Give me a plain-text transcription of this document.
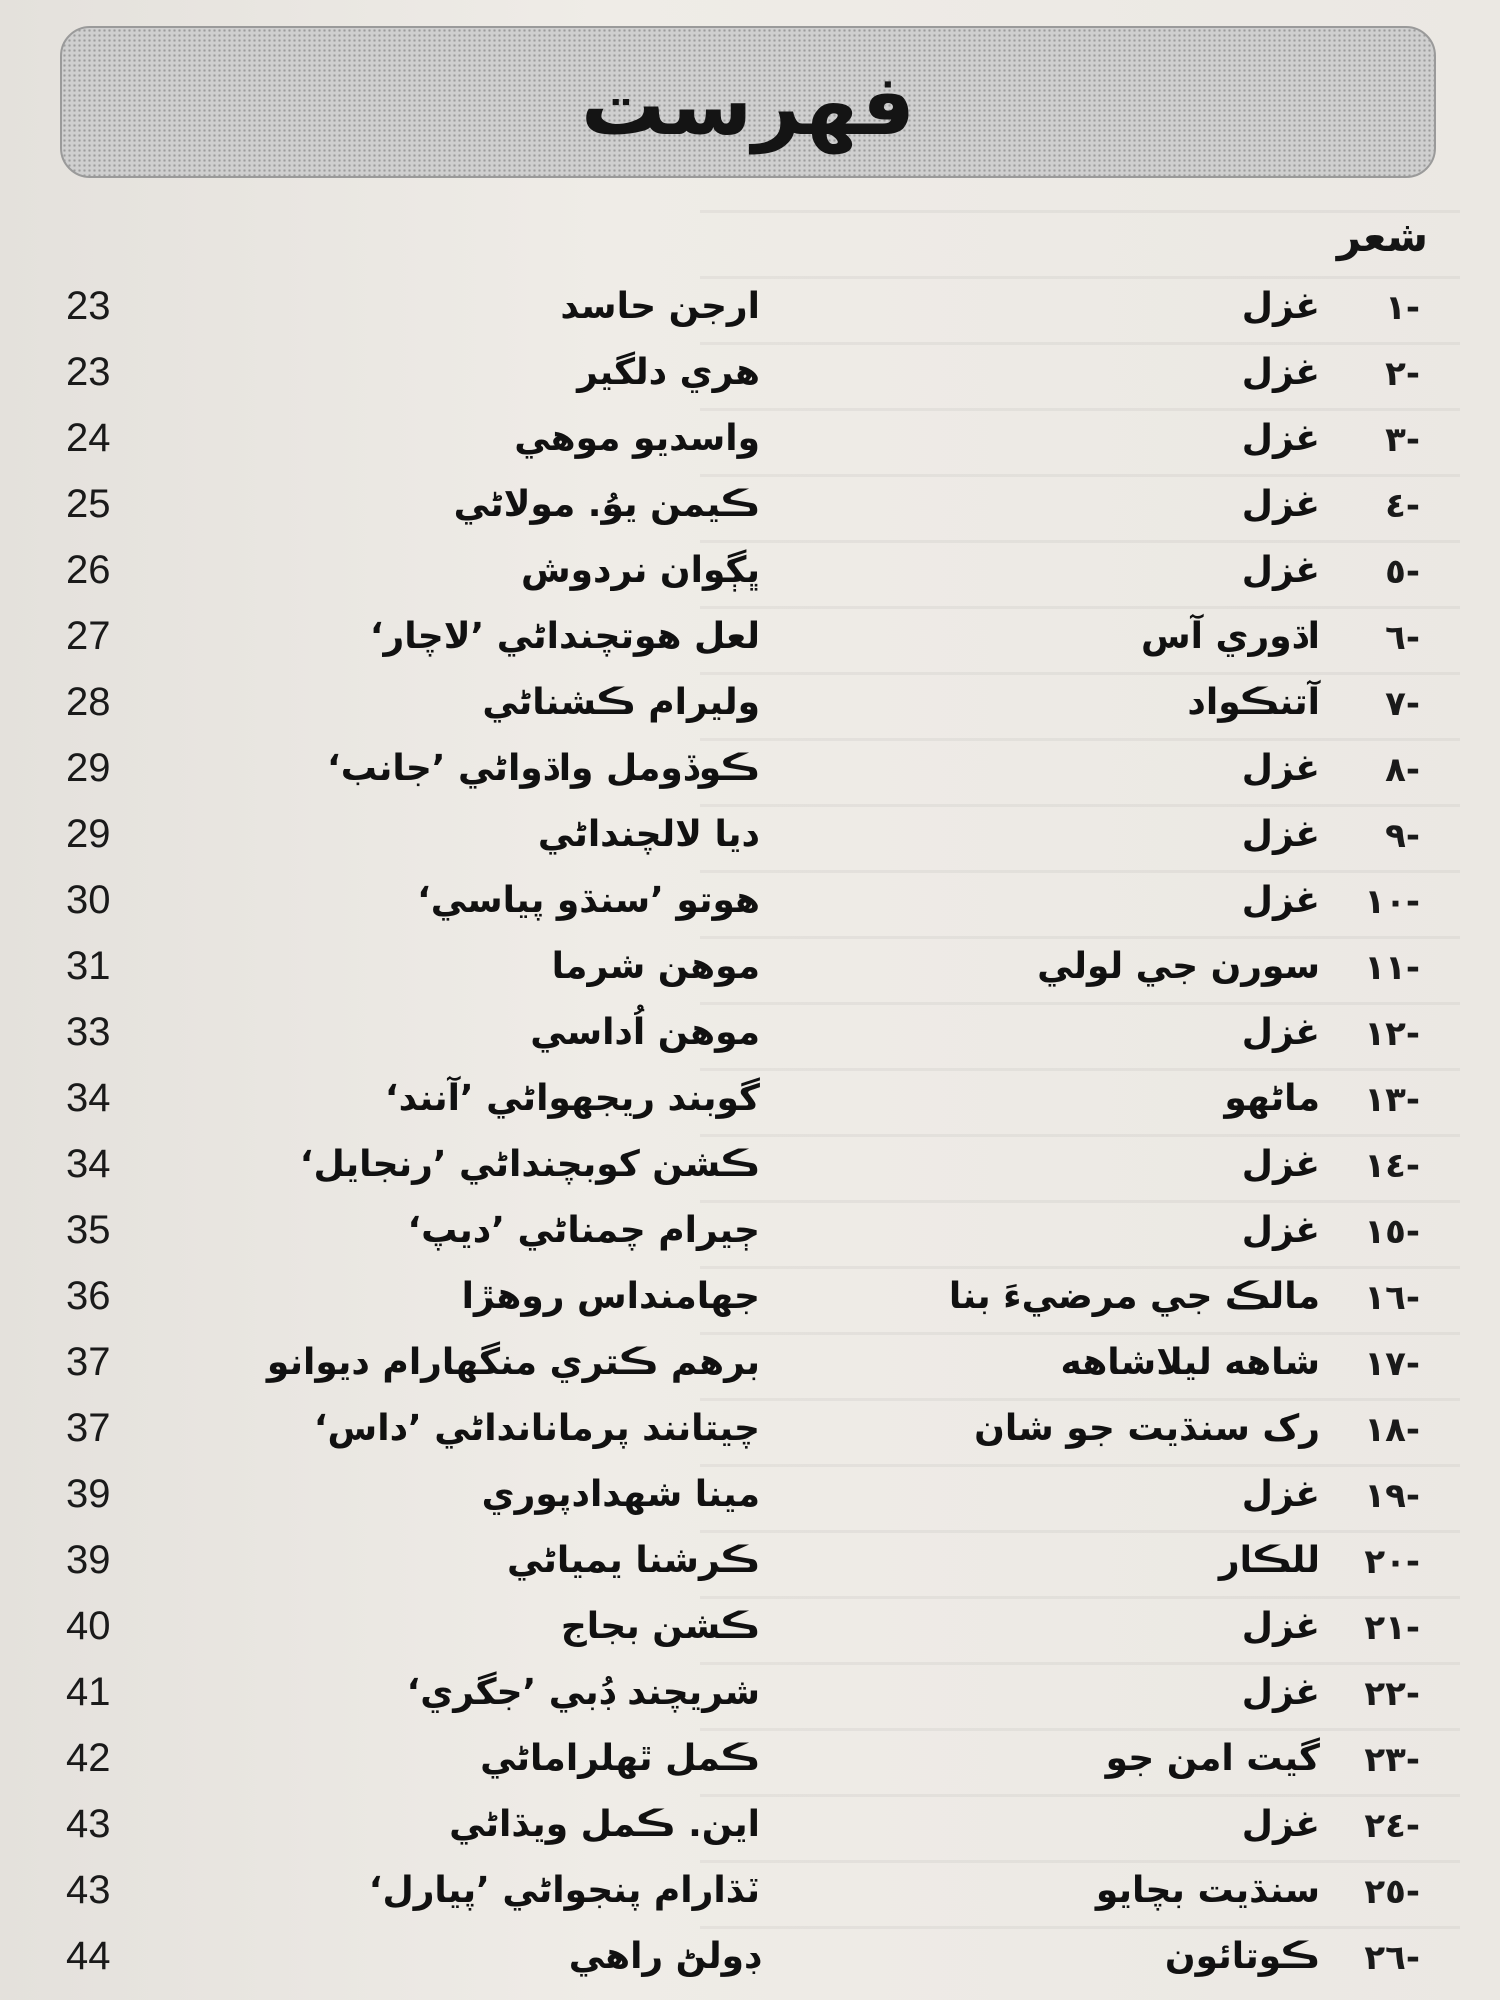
فهرست
شعر
-١
غزل
ارجن حاسد
23
-٢
غزل
هري دلگير
23
-٣
غزل
واسديو موهي
24
-٤
غزل
ڪيمن يوُ. مولاڻي
25
-٥
غزل
ڀڳوان نردوش
26
-٦
اڌوري آس
لعل هوتچنداڻي ’لاچار‘
27
-٧
آتنڪواد
وليرام ڪشناڻي
28
-٨
غزل
ڪوڏومل واڌواڻي ’جانب‘
29
-٩
غزل
ديا لالچنداڻي
29
-١٠
غزل
هوتو ’سنڌو پياسي‘
30
-١١
سورن جي لولي
موهن شرما
31
-١٢
غزل
موهن اُداسي
33
-١٣
ماڻهو
گوبند ريجهواڻي ’آنند‘
34
-١٤
غزل
ڪشن کوبچنداڻي ’رنجايل‘
34
-١٥
غزل
ڄيرام چمناڻي ’ديپ‘
35
-١٦
مالڪ جي مرضيءَ بنا
جهامنداس روهڙا
36
-١٧
شاهه ليلاشاهه
برهم ڪتري منگهارام ديوانو
37
-١٨
رک سنڌيت جو شان
چيتانند پرمانانداڻي ’داس‘
37
-١٩
غزل
مينا شهدادپوري
39
-٢٠
للڪار
ڪرشنا يمياڻي
39
-٢١
غزل
ڪشن بجاج
40
-٢٢
غزل
شريچند ڊُبي ’جگري‘
41
-٢٣
گيت امن جو
ڪمل ٿهلراماڻي
42
-٢٤
غزل
اين. ڪمل ويڌاڻي
43
-٢٥
سنڌيت بچايو
ٽڌارام پنجواڻي ’پيارل‘
43
-٢٦
ڪوتائون
ڊولڻ راهي
44
